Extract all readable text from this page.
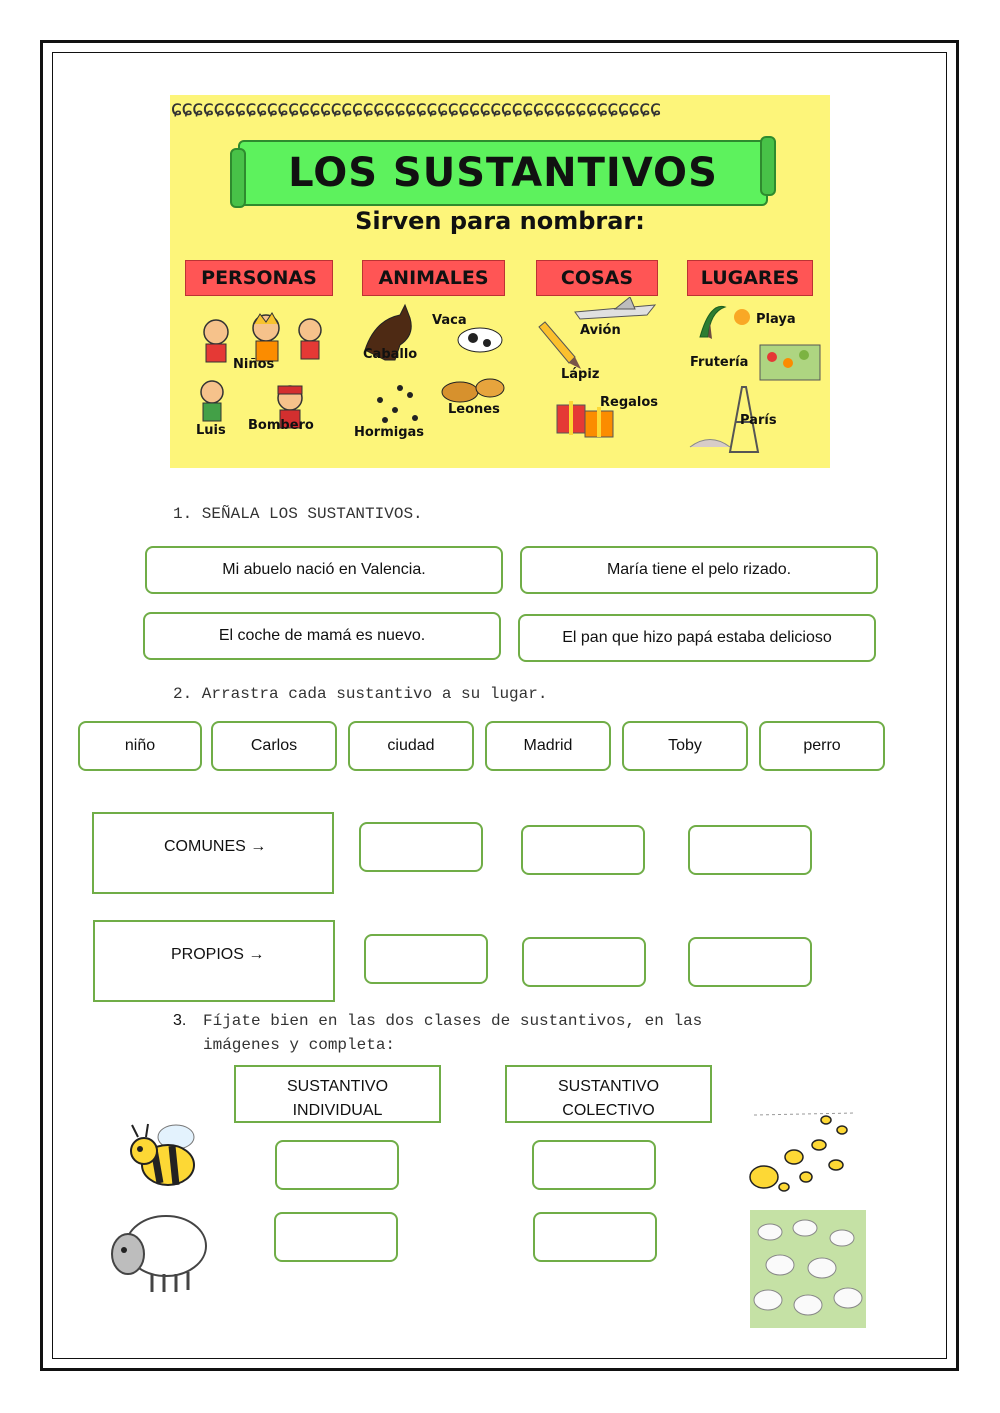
ɕɕɕɕɕɕɕɕɕɕɕɕɕɕɕɕɕɕɕɕɕɕɕɕɕɕɕɕɕɕɕɕɕɕɕɕɕɕɕɕɕɕɕɕɕɕ
LOS SUSTANTIVOS
Sirven para nombrar:
PERSONAS	ANIMALES	COSAS	LUGARES
Niños
Luis Bombero
Caballo
Vaca
Hormigas
Leones
Avión
Lápiz
Regalos
Playa
Frutería
París
1. SEÑALA LOS SUSTANTIVOS.
Mi abuelo nació en Valencia.	María tiene el pelo rizado.
El coche de mamá es nuevo.	El pan que hizo papá estaba delicioso
2. Arrastra cada sustantivo a su lugar.
niño	Carlos	ciudad	Madrid	Toby	perro
COMUNES →
PROPIOS →
3. Fíjate bien en las dos clases de sustantivos, en las
imágenes y completa:
SUSTANTIVO
INDIVIDUAL
SUSTANTIVO
COLECTIVO
